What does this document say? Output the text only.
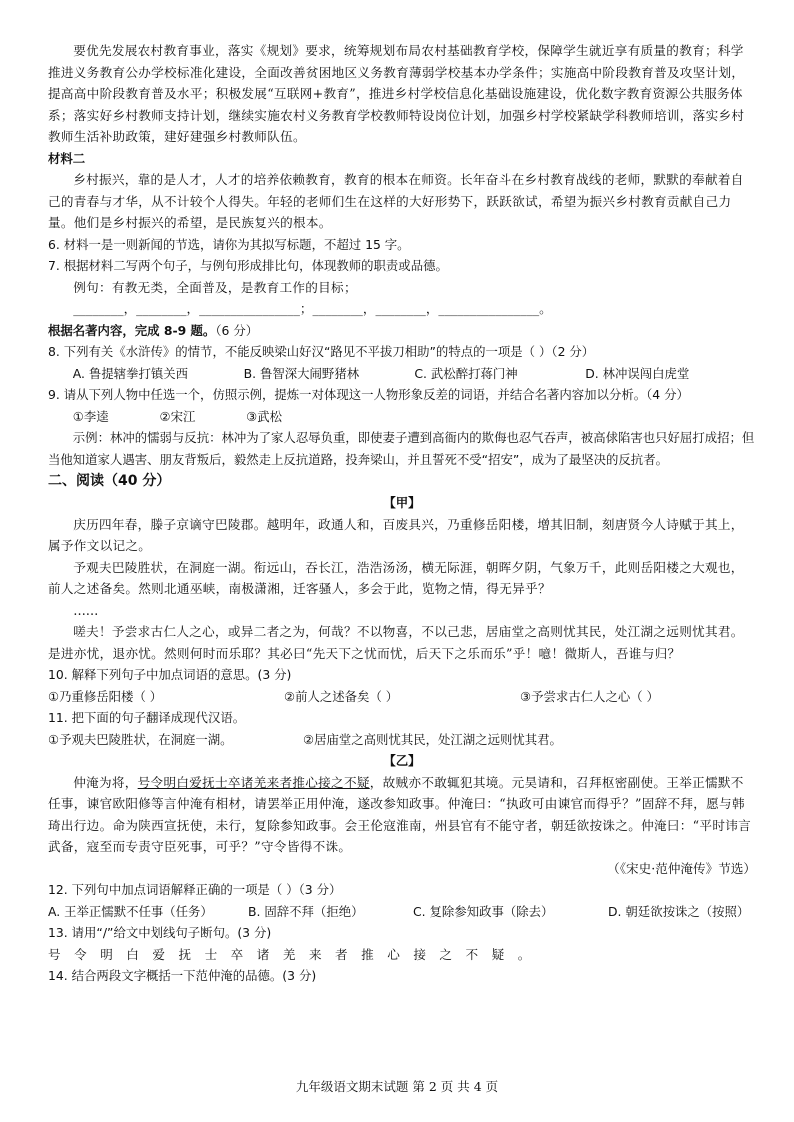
要优先发展农村教育事业，落实《规划》要求，统筹规划布局农村基础教育学校，保障学生就近享有质量的教育；科学推进义务教育公办学校标准化建设，全面改善贫困地区义务教育薄弱学校基本办学条件；实施高中阶段教育普及攻坚计划，提高高中阶段教育普及水平；积极发展“互联网+教育”，推进乡村学校信息化基础设施建设，优化数字教育资源公共服务体系；落实好乡村教师支持计划，继续实施农村义务教育学校教师特设岗位计划，加强乡村学校紧缺学科教师培训，落实乡村教师生活补助政策，建好建强乡村教师队伍。

材料二

乡村振兴，靠的是人才，人才的培养依赖教育，教育的根本在师资。长年奋斗在乡村教育战线的老师，默默的奉献着自己的青春与才华，从不计较个人得失。年轻的老师们生在这样的大好形势下，跃跃欲试，希望为振兴乡村教育贡献自己力量。他们是乡村振兴的希望，是民族复兴的根本。

6. 材料一是一则新闻的节选，请你为其拟写标题，不超过 15 字。

7. 根据材料二写两个句子，与例句形成排比句，体现教师的职责或品德。

例句：有教无类，全面普及，是教育工作的目标；

________，________，________________；________，________，________________。

根据名著内容，完成 8-9 题。（6 分）

8. 下列有关《水浒传》的情节，不能反映梁山好汉“路见不平拔刀相助”的特点的一项是（ ）（2 分）

A. 鲁提辖拳打镇关西	B. 鲁智深大闹野猪林	C. 武松醉打蒋门神	D. 林冲误闯白虎堂

9. 请从下列人物中任选一个，仿照示例，提炼一对体现这一人物形象反差的词语，并结合名著内容加以分析。（4 分）

①李逵	②宋江	③武松

示例：林冲的懦弱与反抗：林冲为了家人忍辱负重，即使妻子遭到高衙内的欺侮也忍气吞声，被高俅陷害也只好屈打成招；但当他知道家人遇害、朋友背叛后，毅然走上反抗道路，投奔梁山，并且誓死不受“招安”，成为了最坚决的反抗者。

二、阅读（40 分）

【甲】

庆历四年春，滕子京谪守巴陵郡。越明年，政通人和，百废具兴，乃重修岳阳楼，增其旧制，刻唐贤今人诗赋于其上，属予作文以记之。

予观夫巴陵胜状，在洞庭一湖。衔远山，吞长江，浩浩汤汤，横无际涯，朝晖夕阴，气象万千，此则岳阳楼之大观也，前人之述备矣。然则北通巫峡，南极潇湘，迁客骚人，多会于此，览物之情，得无异乎？

……

嗟夫！予尝求古仁人之心，或异二者之为，何哉？不以物喜，不以己悲，居庙堂之高则忧其民，处江湖之远则忧其君。是进亦忧，退亦忧。然则何时而乐耶？其必曰“先天下之忧而忧，后天下之乐而乐”乎！噫！微斯人，吾谁与归？

10. 解释下列句子中加点词语的意思。(3 分)

①乃重修岳阳楼（ ）	②前人之述备矣（ ）	③予尝求古仁人之心（ ）

11. 把下面的句子翻译成现代汉语。

①予观夫巴陵胜状，在洞庭一湖。	②居庙堂之高则忧其民，处江湖之远则忧其君。

【乙】

仲淹为将，号令明白爱抚士卒诸羌来者推心接之不疑，故贼亦不敢辄犯其境。元昊请和，召拜枢密副使。王举正懦默不任事，谏官欧阳修等言仲淹有相材，请罢举正用仲淹，遂改参知政事。仲淹曰：“执政可由谏官而得乎？”固辞不拜，愿与韩琦出行边。命为陕西宣抚使，未行，复除参知政事。会王伦寇淮南，州县官有不能守者，朝廷欲按诛之。仲淹曰：“平时讳言武备，寇至而专责守臣死事，可乎？”守令皆得不诛。

（《宋史·范仲淹传》节选）

12. 下列句中加点词语解释正确的一项是（ ）（3 分）

A. 王举正懦默不任事（任务）	B. 固辞不拜（拒绝）	C. 复除参知政事（除去）	D. 朝廷欲按诛之（按照）

13. 请用“/”给文中划线句子断句。(3 分)

号令明白爱抚士卒诸羌来者推心接之不疑。

14. 结合两段文字概括一下范仲淹的品德。(3 分)

九年级语文期末试题 第 2 页 共 4 页
